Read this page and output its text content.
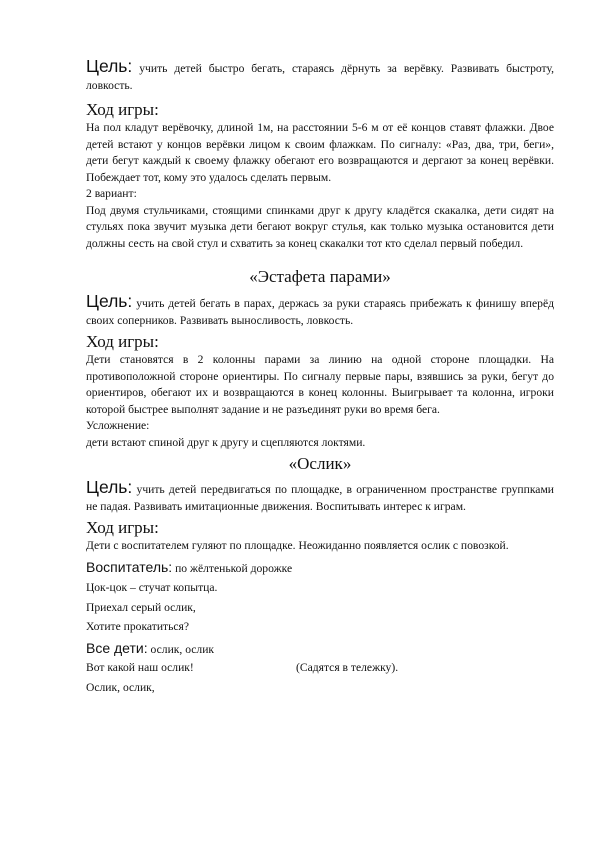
Цель: учить детей быстро бегать, стараясь дёрнуть за верёвку. Развивать быстроту, ловкость.

Ход игры:

На пол кладут верёвочку, длиной 1м, на расстоянии 5-6 м от её концов ставят флажки. Двое детей встают у концов верёвки лицом к своим флажкам. По сигналу: «Раз, два, три, беги», дети бегут каждый к своему флажку обегают его возвращаются и дергают за конец верёвки. Побеждает тот, кому это удалось сделать первым.

2 вариант:

Под двумя стульчиками, стоящими спинками друг к другу кладётся скакалка, дети сидят на стульях пока звучит музыка дети бегают вокруг стулья, как только музыка остановится дети должны сесть на свой стул и схватить за конец скакалки тот кто сделал первый победил.

«Эстафета парами»

Цель: учить детей бегать в парах, держась за руки стараясь прибежать к финишу вперёд своих соперников. Развивать выносливость, ловкость.

Ход игры:

Дети становятся в 2 колонны парами за линию на одной стороне площадки. На противоположной стороне ориентиры. По сигналу первые пары, взявшись за руки, бегут до ориентиров, обегают их и возвращаются в конец колонны. Выигрывает та колонна, игроки которой быстрее выполнят задание и не разъединят руки во время бега.

Усложнение:

дети встают спиной друг к другу и сцепляются локтями.

«Ослик»

Цель: учить детей передвигаться по площадке, в ограниченном пространстве группками не падая. Развивать имитационные движения. Воспитывать интерес к играм.

Ход игры:

Дети с воспитателем гуляют по площадке. Неожиданно появляется ослик с повозкой.

Воспитатель: по жёлтенькой дорожке

Цок-цок – стучат копытца.

Приехал серый ослик,

Хотите прокатиться?

Все дети: ослик, ослик

Вот какой наш ослик!	(Садятся в тележку).

Ослик, ослик,
